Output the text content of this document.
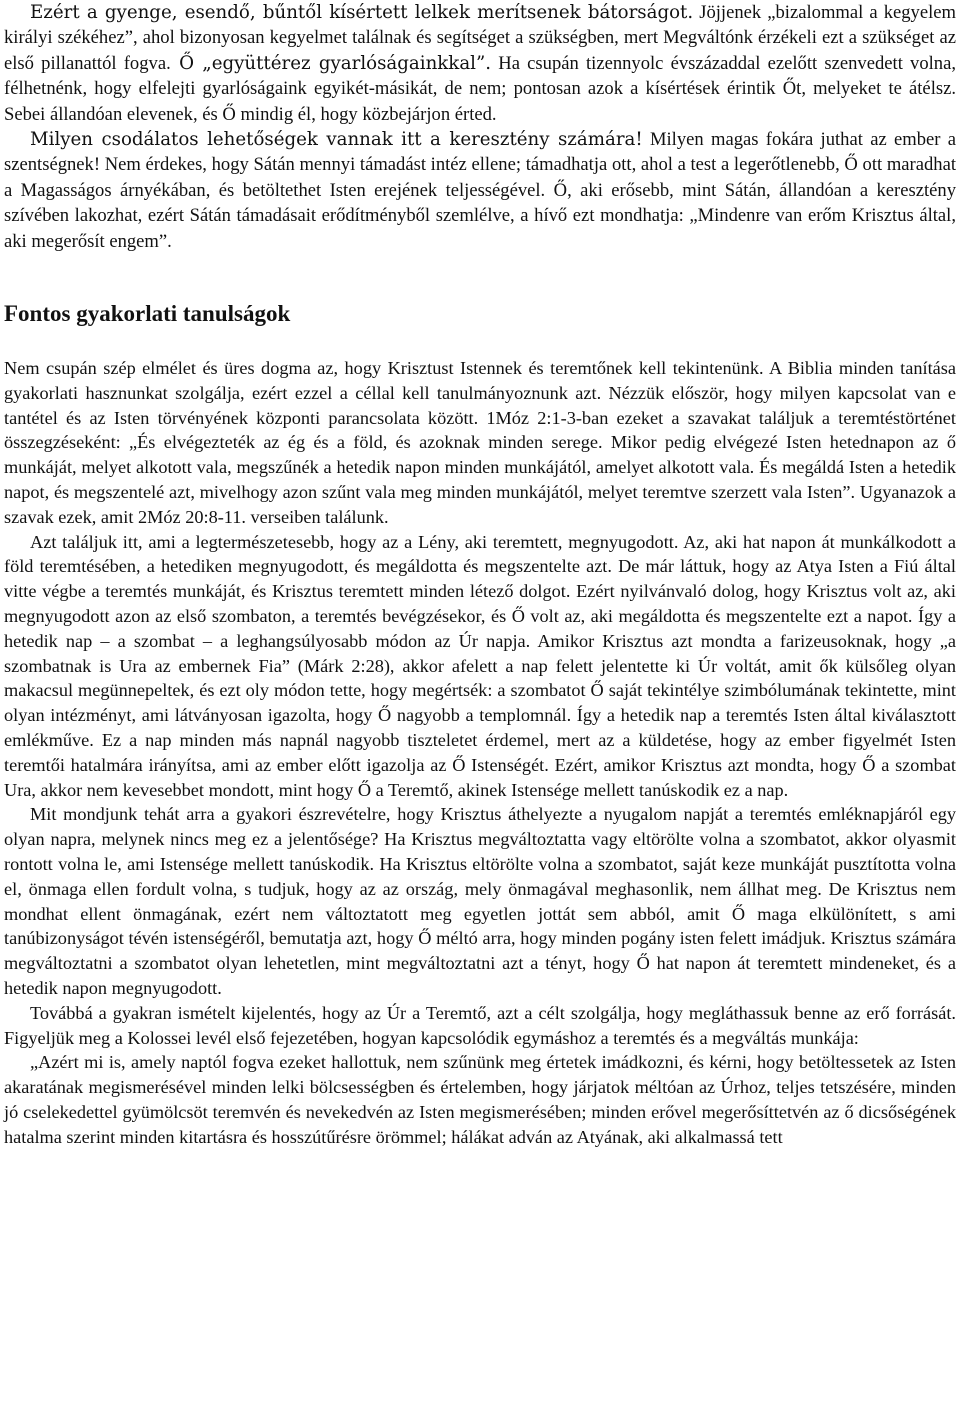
Ezért a gyenge, esendő, bűntől kísértett lelkek merítsenek bátorságot. Jöjjenek „bizalommal a kegyelem királyi székéhez”, ahol bizonyosan kegyelmet találnak és segítséget a szükségben, mert Megváltónk érzékeli ezt a szükséget az első pillanattól fogva. Ő „együttérez gyarlóságainkkal”. Ha csupán tizennyolc évszázaddal ezelőtt szenvedett volna, félhetnénk, hogy elfelejti gyarlóságaink egyikét-másikát, de nem; pontosan azok a kísértések érintik Őt, melyeket te átélsz. Sebei állandóan elevenek, és Ő mindig él, hogy közbejárjon érted.

Milyen csodálatos lehetőségek vannak itt a keresztény számára! Milyen magas fokára juthat az ember a szentségnek! Nem érdekes, hogy Sátán mennyi támadást intéz ellene; támadhatja ott, ahol a test a legerőtlenebb, Ő ott maradhat a Magasságos árnyékában, és betöltethet Isten erejének teljességével. Ő, aki erősebb, mint Sátán, állandóan a keresztény szívében lakozhat, ezért Sátán támadásait erődítményből szemlélve, a hívő ezt mondhatja: „Mindenre van erőm Krisztus által, aki megerősít engem”.

Fontos gyakorlati tanulságok

Nem csupán szép elmélet és üres dogma az, hogy Krisztust Istennek és teremtőnek kell tekintenünk. A Biblia minden tanítása gyakorlati hasznunkat szolgálja, ezért ezzel a céllal kell tanulmányoznunk azt. Nézzük először, hogy milyen kapcsolat van e tantétel és az Isten törvényének központi parancsolata között. 1Móz 2:1-3-ban ezeket a szavakat találjuk a teremtéstörténet összegzéseként: „És elvégezteték az ég és a föld, és azoknak minden serege. Mikor pedig elvégezé Isten hetednapon az ő munkáját, melyet alkotott vala, megszűnék a hetedik napon minden munkájától, amelyet alkotott vala. És megáldá Isten a hetedik napot, és megszentelé azt, mivelhogy azon szűnt vala meg minden munkájától, melyet teremtve szerzett vala Isten”. Ugyanazok a szavak ezek, amit 2Móz 20:8-11. verseiben találunk.

Azt találjuk itt, ami a legtermészetesebb, hogy az a Lény, aki teremtett, megnyugodott. Az, aki hat napon át munkálkodott a föld teremtésében, a hetediken megnyugodott, és megáldotta és megszentelte azt. De már láttuk, hogy az Atya Isten a Fiú által vitte végbe a teremtés munkáját, és Krisztus teremtett minden létező dolgot. Ezért nyilvánvaló dolog, hogy Krisztus volt az, aki megnyugodott azon az első szombaton, a teremtés bevégzésekor, és Ő volt az, aki megáldotta és megszentelte ezt a napot. Így a hetedik nap – a szombat – a leghangsúlyosabb módon az Úr napja. Amikor Krisztus azt mondta a farizeusoknak, hogy „a szombatnak is Ura az embernek Fia” (Márk 2:28), akkor afelett a nap felett jelentette ki Úr voltát, amit ők külsőleg olyan makacsul megünnepeltek, és ezt oly módon tette, hogy megértsék: a szombatot Ő saját tekintélye szimbólumának tekintette, mint olyan intézményt, ami látványosan igazolta, hogy Ő nagyobb a templomnál. Így a hetedik nap a teremtés Isten által kiválasztott emlékműve. Ez a nap minden más napnál nagyobb tiszteletet érdemel, mert az a küldetése, hogy az ember figyelmét Isten teremtői hatalmára irányítsa, ami az ember előtt igazolja az Ő Istenségét. Ezért, amikor Krisztus azt mondta, hogy Ő a szombat Ura, akkor nem kevesebbet mondott, mint hogy Ő a Teremtő, akinek Istensége mellett tanúskodik ez a nap.

Mit mondjunk tehát arra a gyakori észrevételre, hogy Krisztus áthelyezte a nyugalom napját a teremtés emléknapjáról egy olyan napra, melynek nincs meg ez a jelentősége? Ha Krisztus megváltoztatta vagy eltörölte volna a szombatot, akkor olyasmit rontott volna le, ami Istensége mellett tanúskodik. Ha Krisztus eltörölte volna a szombatot, saját keze munkáját pusztította volna el, önmaga ellen fordult volna, s tudjuk, hogy az az ország, mely önmagával meghasonlik, nem állhat meg. De Krisztus nem mondhat ellent önmagának, ezért nem változtatott meg egyetlen jottát sem abból, amit Ő maga elkülönített, s ami tanúbizonyságot tévén istenségéről, bemutatja azt, hogy Ő méltó arra, hogy minden pogány isten felett imádjuk. Krisztus számára megváltoztatni a szombatot olyan lehetetlen, mint megváltoztatni azt a tényt, hogy Ő hat napon át teremtett mindeneket, és a hetedik napon megnyugodott.

Továbbá a gyakran ismételt kijelentés, hogy az Úr a Teremtő, azt a célt szolgálja, hogy megláthassuk benne az erő forrását. Figyeljük meg a Kolossei levél első fejezetében, hogyan kapcsolódik egymáshoz a teremtés és a megváltás munkája:

„Azért mi is, amely naptól fogva ezeket hallottuk, nem szűnünk meg értetek imádkozni, és kérni, hogy betöltessetek az Isten akaratának megismerésével minden lelki bölcsességben és értelemben, hogy járjatok méltóan az Úrhoz, teljes tetszésére, minden jó cselekedettel gyümölcsöt teremvén és nevekedvén az Isten megismerésében; minden erővel megerősíttetvén az ő dicsőségének hatalma szerint minden kitartásra és hosszútűrésre örömmel; hálákat adván az Atyának, aki alkalmassá tett
